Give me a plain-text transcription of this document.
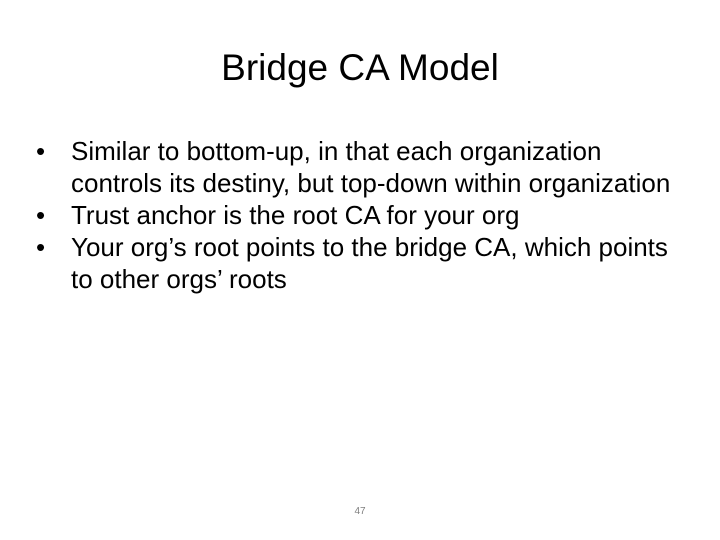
Bridge CA Model
• Similar to bottom-up, in that each organization controls its destiny, but top-down within organization
• Trust anchor is the root CA for your org
• Your org’s root points to the bridge CA, which points to other orgs’ roots
47
